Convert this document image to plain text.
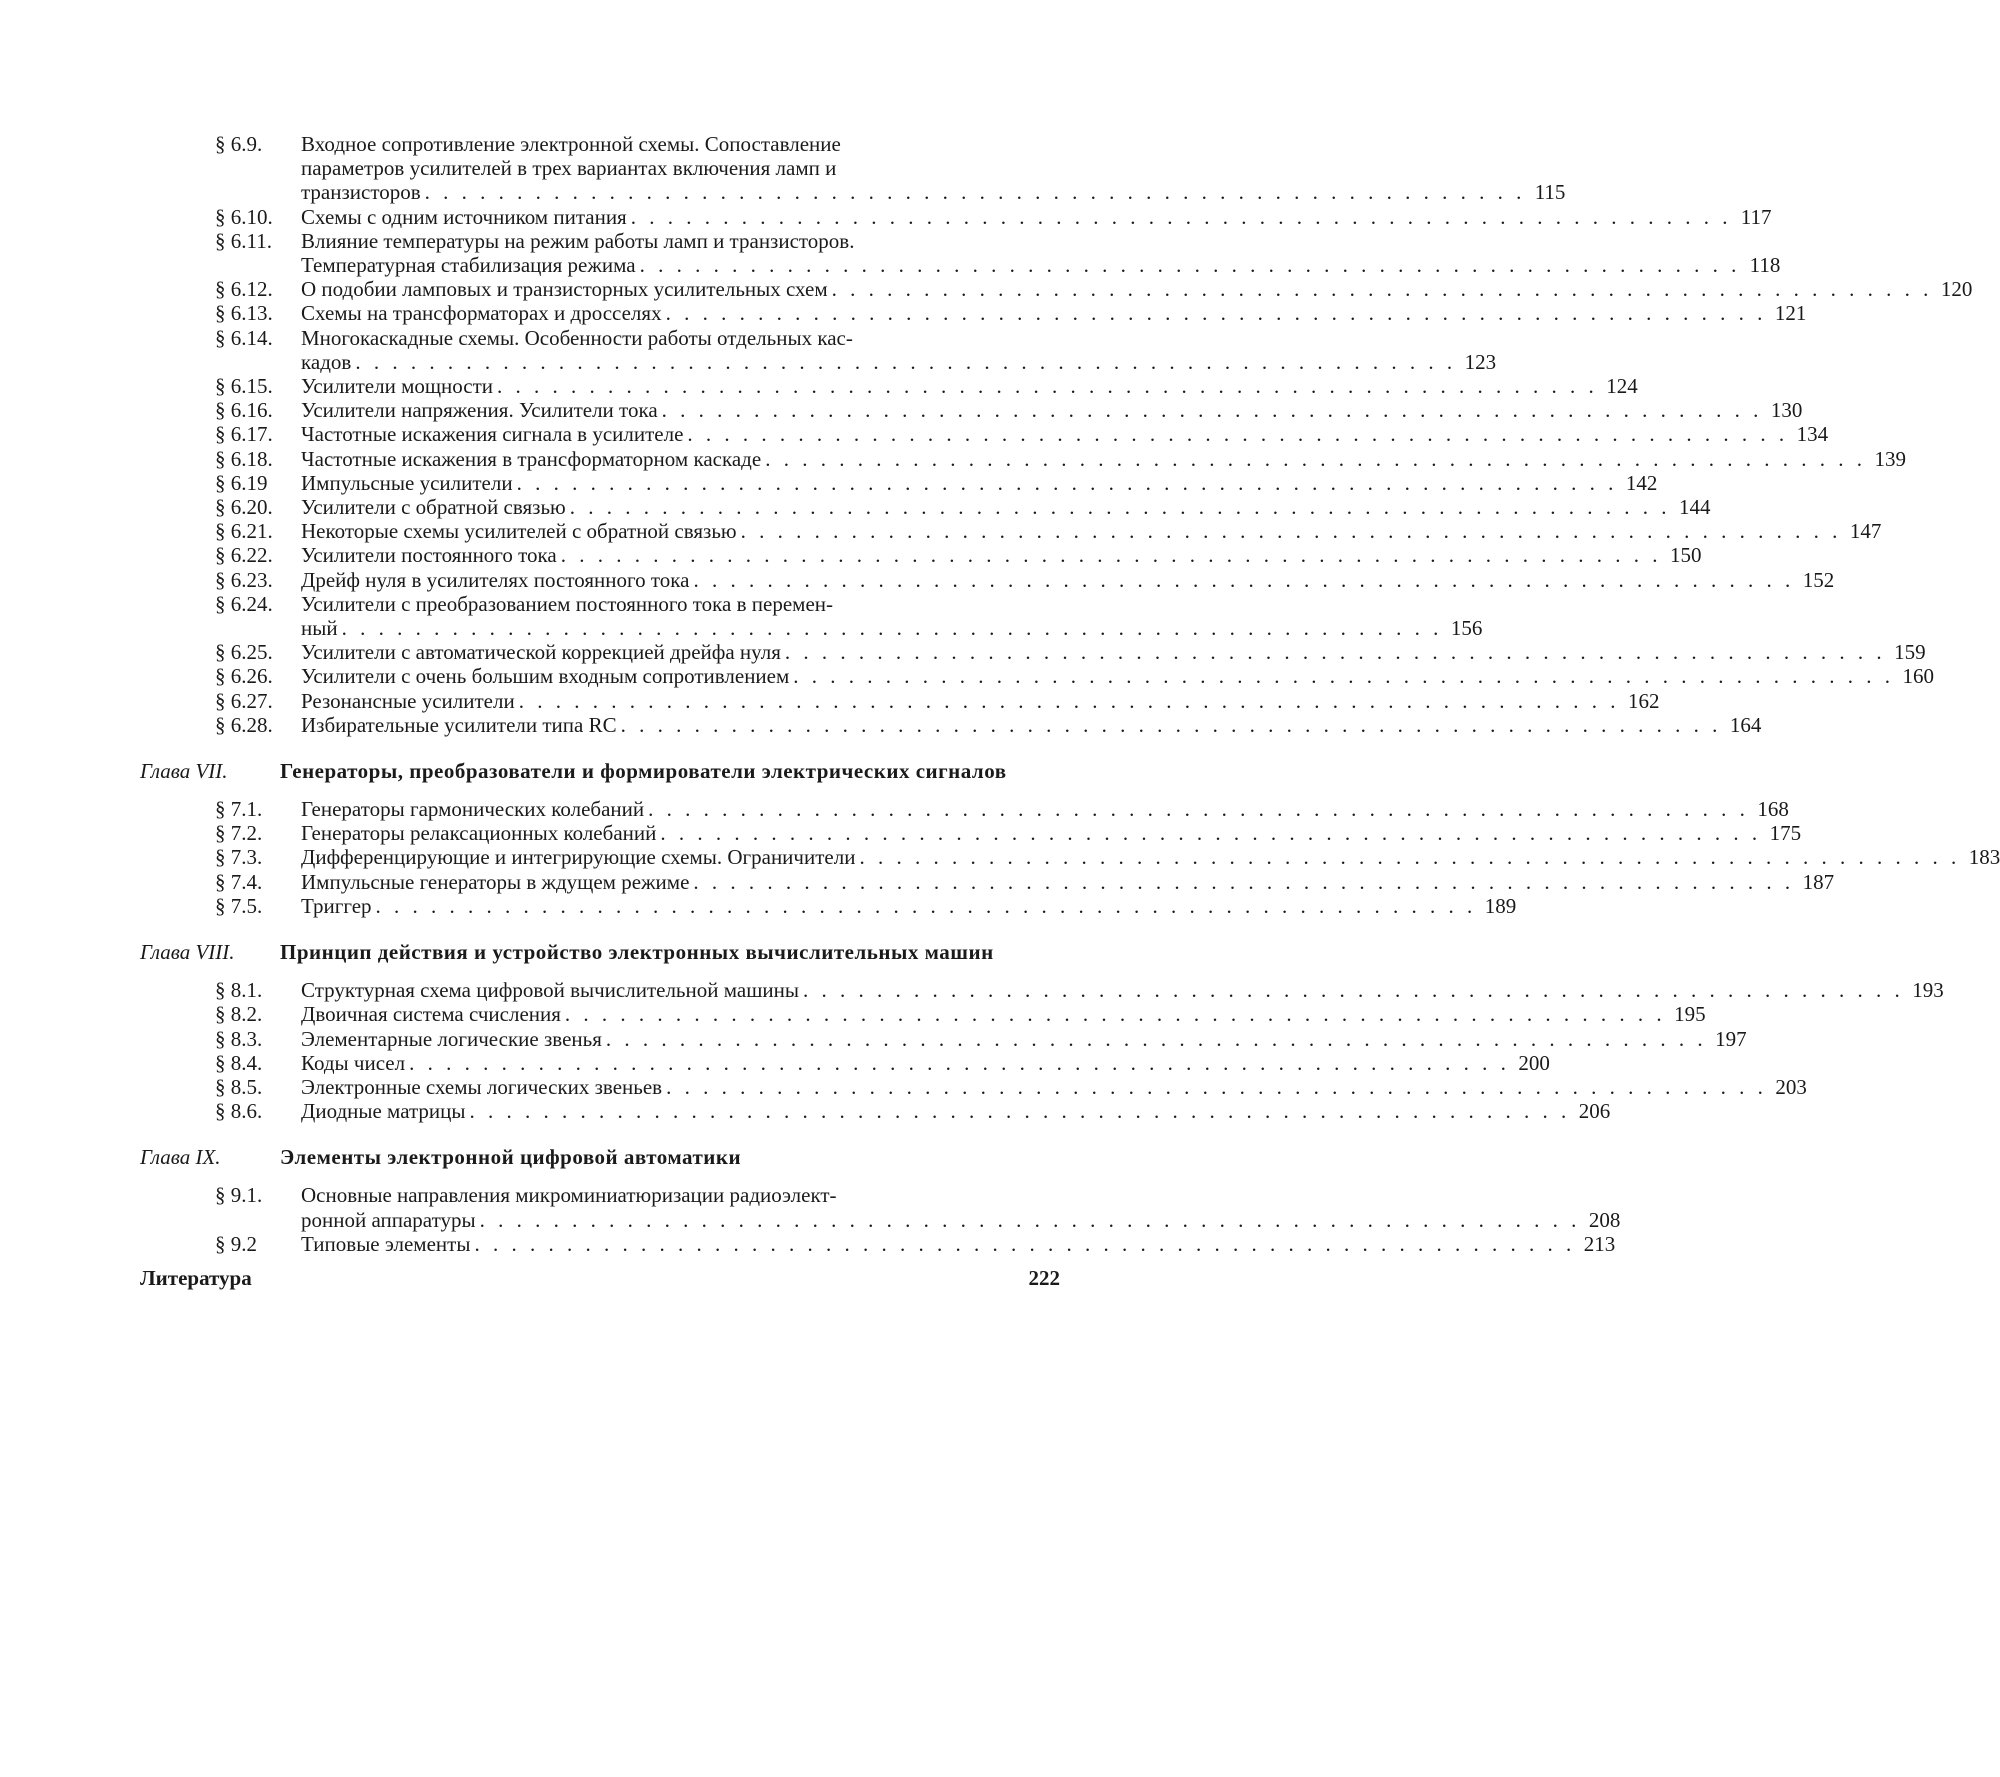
§ 6.9.	Входное сопротивление электронной схемы. Сопоставление
параметров усилителей в трех вариантах включения ламп и
транзисторов . . . . . . . . . . . . . . . . . . . . . . . . . . . . . . . . . . . . . . . . . . . . . . . . . . . . . . . . . . . . 115
§ 6.10.	Схемы с одним источником питания . . . . . . . . . . . . . . . . . . . . . . . . . . . . . . . . . . . . . . . . . . . . . . . . . . . . . . . . . . . . 117
§ 6.11.	Влияние температуры на режим работы ламп и транзисторов.
Температурная стабилизация режима . . . . . . . . . . . . . . . . . . . . . . . . . . . . . . . . . . . . . . . . . . . . . . . . . . . . . . . . . . . . 118
§ 6.12.	О подобии ламповых и транзисторных усилительных схем . . . . . . . . . . . . . . . . . . . . . . . . . . . . . . . . . . . . . . . . . . . . . . . . . . . . . . . . . . . . 120
§ 6.13.	Схемы на трансформаторах и дросселях . . . . . . . . . . . . . . . . . . . . . . . . . . . . . . . . . . . . . . . . . . . . . . . . . . . . . . . . . . . . 121
§ 6.14.	Многокаскадные схемы. Особенности работы отдельных кас-
кадов . . . . . . . . . . . . . . . . . . . . . . . . . . . . . . . . . . . . . . . . . . . . . . . . . . . . . . . . . . . . 123
§ 6.15.	Усилители мощности . . . . . . . . . . . . . . . . . . . . . . . . . . . . . . . . . . . . . . . . . . . . . . . . . . . . . . . . . . . . 124
§ 6.16.	Усилители напряжения. Усилители тока . . . . . . . . . . . . . . . . . . . . . . . . . . . . . . . . . . . . . . . . . . . . . . . . . . . . . . . . . . . . 130
§ 6.17.	Частотные искажения сигнала в усилителе . . . . . . . . . . . . . . . . . . . . . . . . . . . . . . . . . . . . . . . . . . . . . . . . . . . . . . . . . . . . 134
§ 6.18.	Частотные искажения в трансформаторном каскаде . . . . . . . . . . . . . . . . . . . . . . . . . . . . . . . . . . . . . . . . . . . . . . . . . . . . . . . . . . . . 139
§ 6.19	Импульсные усилители . . . . . . . . . . . . . . . . . . . . . . . . . . . . . . . . . . . . . . . . . . . . . . . . . . . . . . . . . . . . 142
§ 6.20.	Усилители с обратной связью . . . . . . . . . . . . . . . . . . . . . . . . . . . . . . . . . . . . . . . . . . . . . . . . . . . . . . . . . . . . 144
§ 6.21.	Некоторые схемы усилителей с обратной связью . . . . . . . . . . . . . . . . . . . . . . . . . . . . . . . . . . . . . . . . . . . . . . . . . . . . . . . . . . . . 147
§ 6.22.	Усилители постоянного тока . . . . . . . . . . . . . . . . . . . . . . . . . . . . . . . . . . . . . . . . . . . . . . . . . . . . . . . . . . . . 150
§ 6.23.	Дрейф нуля в усилителях постоянного тока . . . . . . . . . . . . . . . . . . . . . . . . . . . . . . . . . . . . . . . . . . . . . . . . . . . . . . . . . . . . 152
§ 6.24.	Усилители с преобразованием постоянного тока в перемен-
ный . . . . . . . . . . . . . . . . . . . . . . . . . . . . . . . . . . . . . . . . . . . . . . . . . . . . . . . . . . . . 156
§ 6.25.	Усилители с автоматической коррекцией дрейфа нуля . . . . . . . . . . . . . . . . . . . . . . . . . . . . . . . . . . . . . . . . . . . . . . . . . . . . . . . . . . . . 159
§ 6.26.	Усилители с очень большим входным сопротивлением . . . . . . . . . . . . . . . . . . . . . . . . . . . . . . . . . . . . . . . . . . . . . . . . . . . . . . . . . . . . 160
§ 6.27.	Резонансные усилители . . . . . . . . . . . . . . . . . . . . . . . . . . . . . . . . . . . . . . . . . . . . . . . . . . . . . . . . . . . . 162
§ 6.28.	Избирательные усилители типа RC . . . . . . . . . . . . . . . . . . . . . . . . . . . . . . . . . . . . . . . . . . . . . . . . . . . . . . . . . . . . 164
Глава VII.	Генераторы, преобразователи и формирователи электрических сигналов
§ 7.1.	Генераторы гармонических колебаний . . . . . . . . . . . . . . . . . . . . . . . . . . . . . . . . . . . . . . . . . . . . . . . . . . . . . . . . . . . . 168
§ 7.2.	Генераторы релаксационных колебаний . . . . . . . . . . . . . . . . . . . . . . . . . . . . . . . . . . . . . . . . . . . . . . . . . . . . . . . . . . . . 175
§ 7.3.	Дифференцирующие и интегрирующие схемы. Ограничители . . . . . . . . . . . . . . . . . . . . . . . . . . . . . . . . . . . . . . . . . . . . . . . . . . . . . . . . . . . . 183
§ 7.4.	Импульсные генераторы в ждущем режиме . . . . . . . . . . . . . . . . . . . . . . . . . . . . . . . . . . . . . . . . . . . . . . . . . . . . . . . . . . . . 187
§ 7.5.	Триггер . . . . . . . . . . . . . . . . . . . . . . . . . . . . . . . . . . . . . . . . . . . . . . . . . . . . . . . . . . . . 189
Глава VIII.	Принцип действия и устройство электронных вычислительных машин
§ 8.1.	Структурная схема цифровой вычислительной машины . . . . . . . . . . . . . . . . . . . . . . . . . . . . . . . . . . . . . . . . . . . . . . . . . . . . . . . . . . . . 193
§ 8.2.	Двоичная система счисления . . . . . . . . . . . . . . . . . . . . . . . . . . . . . . . . . . . . . . . . . . . . . . . . . . . . . . . . . . . . 195
§ 8.3.	Элементарные логические звенья . . . . . . . . . . . . . . . . . . . . . . . . . . . . . . . . . . . . . . . . . . . . . . . . . . . . . . . . . . . . 197
§ 8.4.	Коды чисел . . . . . . . . . . . . . . . . . . . . . . . . . . . . . . . . . . . . . . . . . . . . . . . . . . . . . . . . . . . . 200
§ 8.5.	Электронные схемы логических звеньев . . . . . . . . . . . . . . . . . . . . . . . . . . . . . . . . . . . . . . . . . . . . . . . . . . . . . . . . . . . . 203
§ 8.6.	Диодные матрицы . . . . . . . . . . . . . . . . . . . . . . . . . . . . . . . . . . . . . . . . . . . . . . . . . . . . . . . . . . . . 206
Глава IX.	Элементы электронной цифровой автоматики
§ 9.1.	Основные направления микроминиатюризации радиоэлект-
ронной аппаратуры . . . . . . . . . . . . . . . . . . . . . . . . . . . . . . . . . . . . . . . . . . . . . . . . . . . . . . . . . . . . 208
§ 9.2	Типовые элементы . . . . . . . . . . . . . . . . . . . . . . . . . . . . . . . . . . . . . . . . . . . . . . . . . . . . . . . . . . . . 213
Литература	222
